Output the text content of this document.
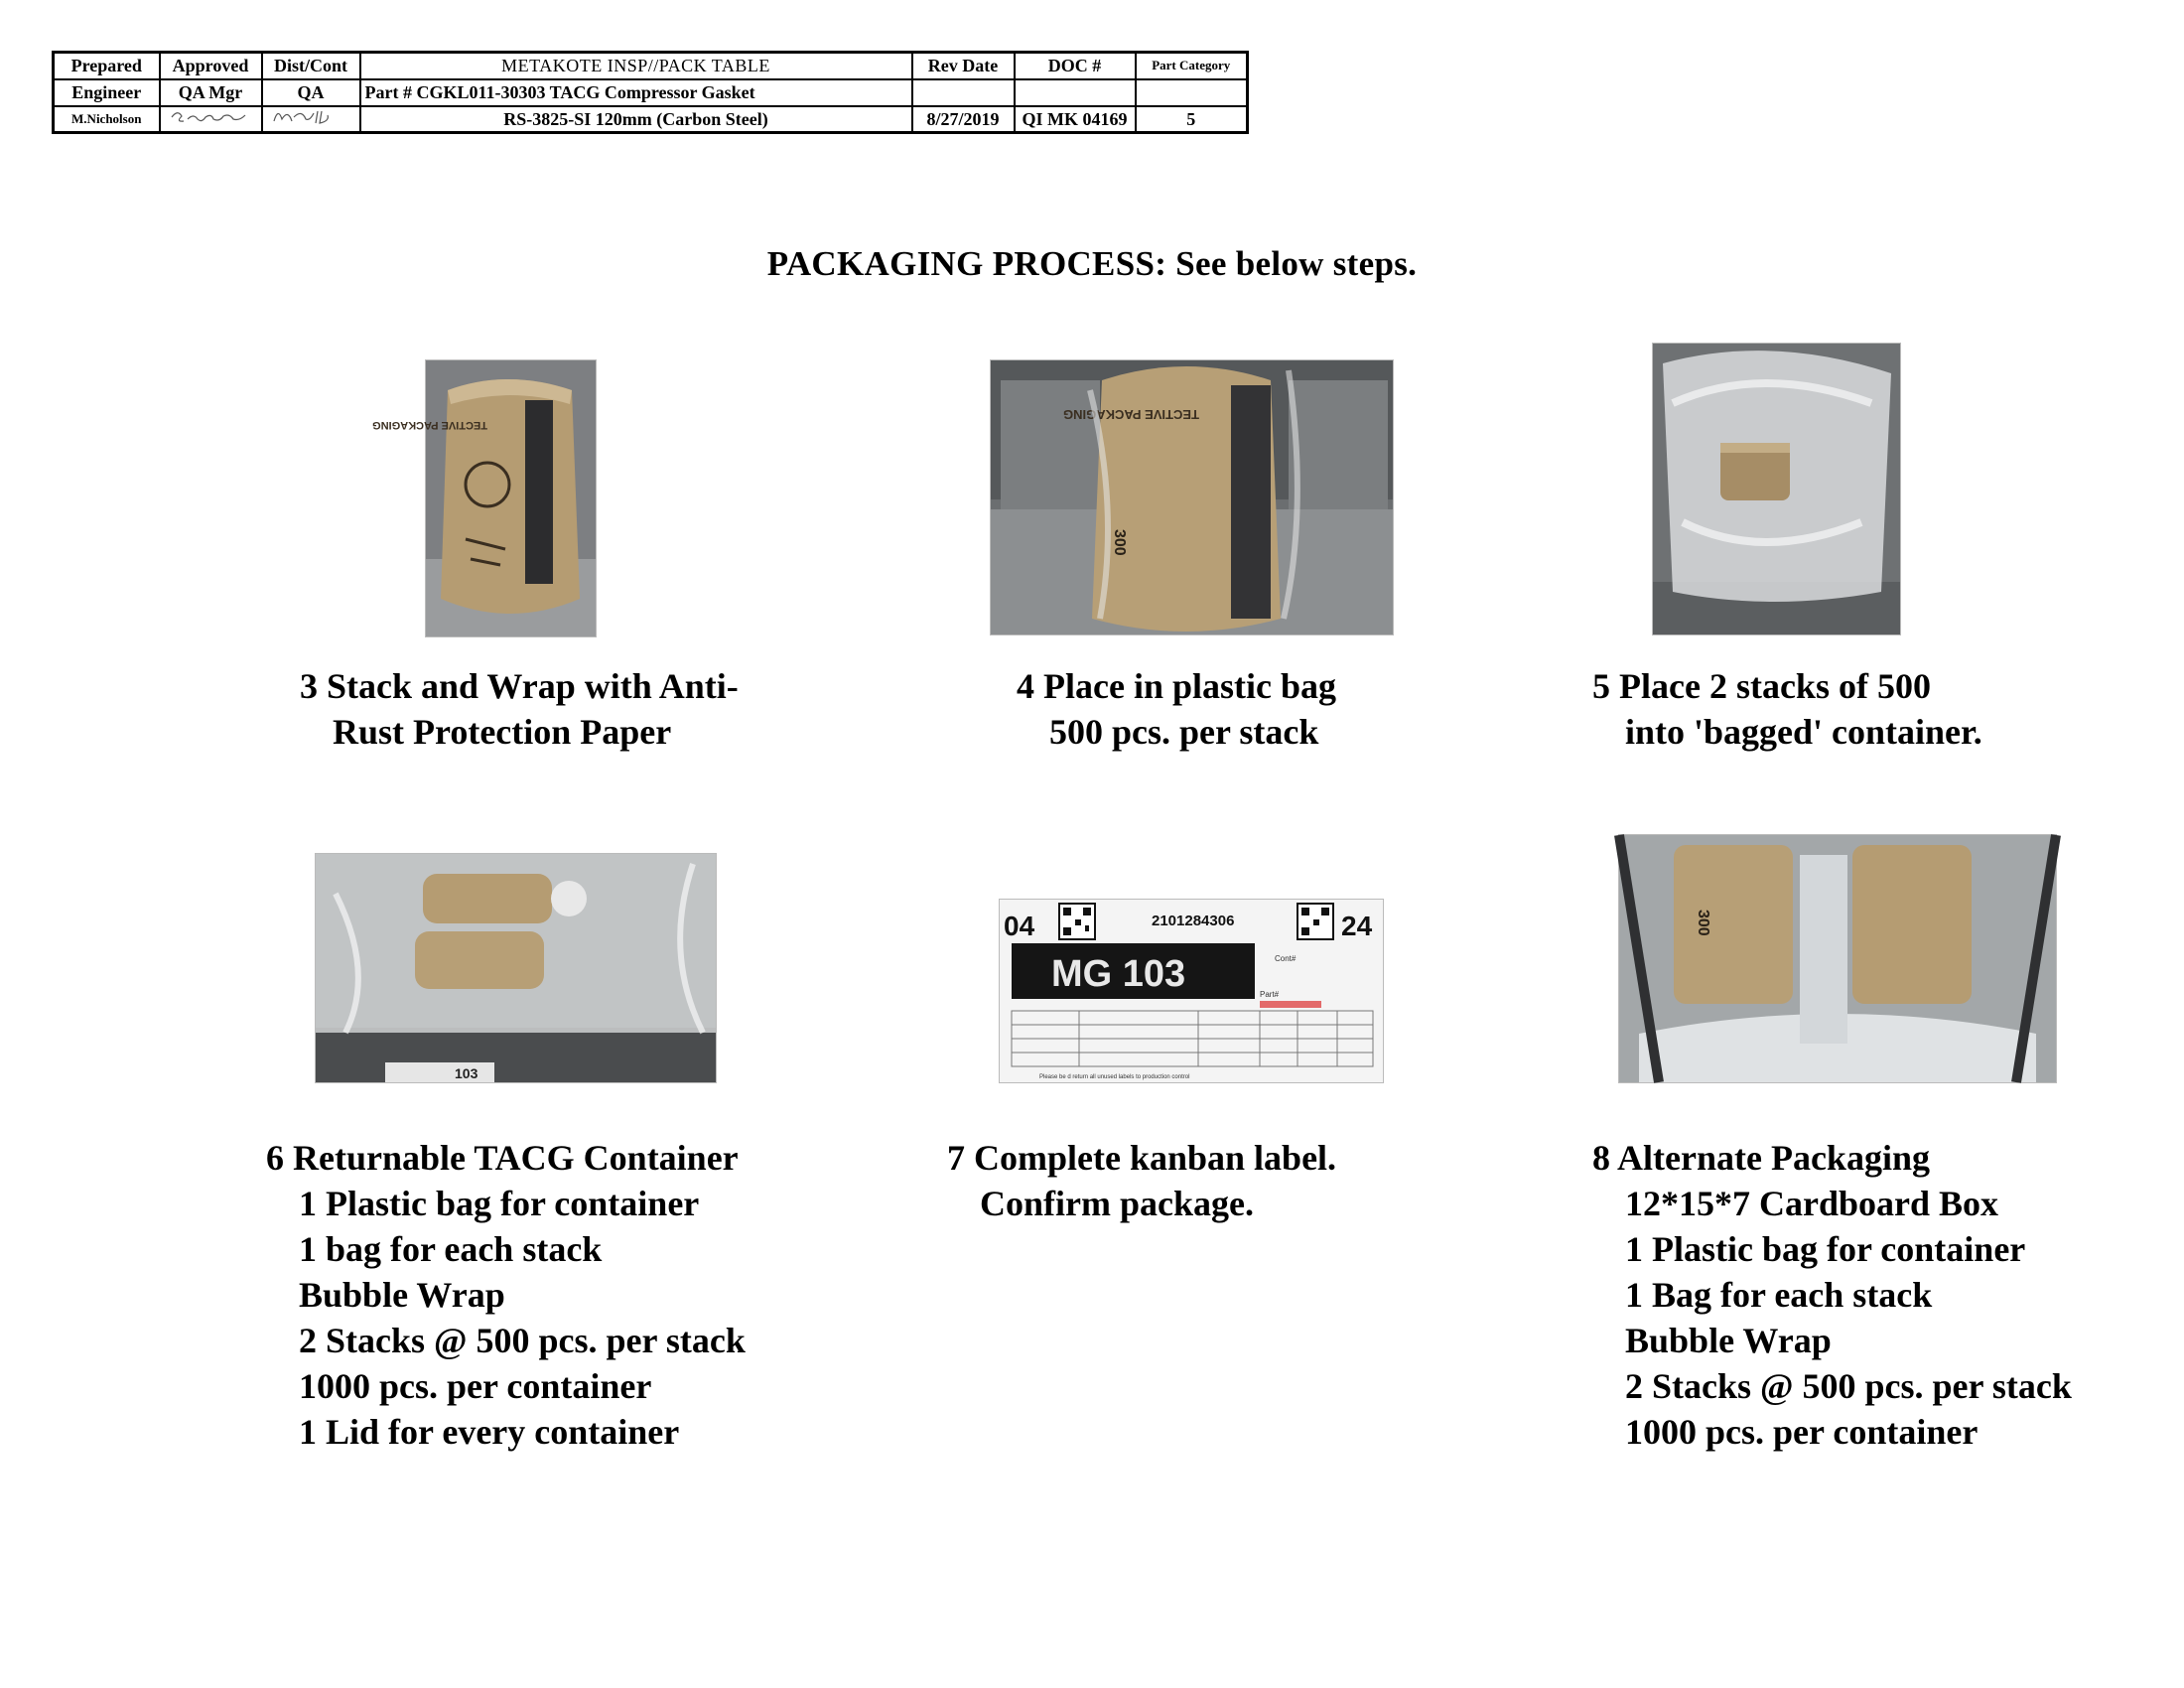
Prepared	Approved	Dist/Cont	METAKOTE INSP//PACK TABLE	Rev Date	DOC #	Part Category
Engineer	QA Mgr	QA	Part # CGKL011-30303 TACG Compressor Gasket			
M.Nicholson			RS-3825-SI 120mm (Carbon Steel)	8/27/2019	QI MK 04169	5
PACKAGING PROCESS: See below steps.
TECTIVE PACKAGING
TECTIVE PACKAGING
300
103
04	2101284306	24
MG 103	Cont#
Part#
Please be d return all unused labels to production control
300
3 Stack and Wrap with Anti-
Rust Protection Paper
4 Place in plastic bag
500 pcs. per stack
5 Place 2 stacks of 500
into 'bagged' container.
6 Returnable TACG Container
1 Plastic bag for container
1 bag for each stack
Bubble Wrap
2 Stacks @ 500 pcs. per stack
1000 pcs. per container
1 Lid for every container
7 Complete kanban label.
Confirm package.
8 Alternate Packaging
12*15*7 Cardboard Box
1 Plastic bag for container
1 Bag for each stack
Bubble Wrap
2 Stacks @ 500 pcs. per stack
1000 pcs. per container
